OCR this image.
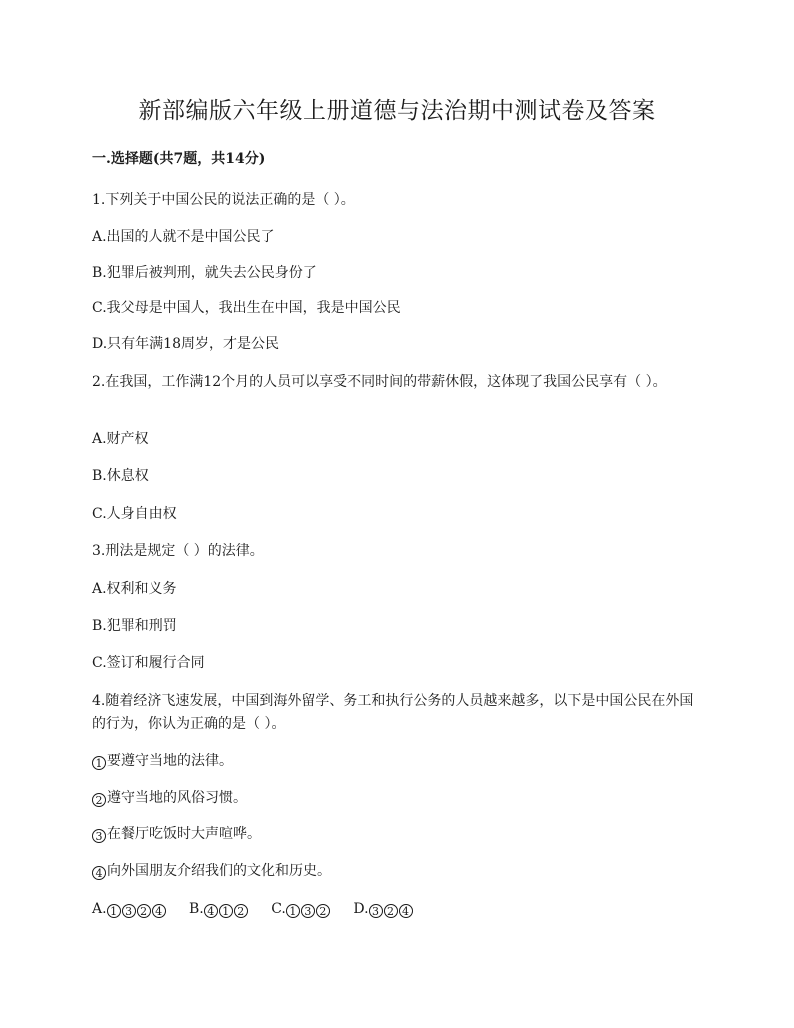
新部编版六年级上册道德与法治期中测试卷及答案

一.选择题(共7题，共14分)

1.下列关于中国公民的说法正确的是（ ）。

A.出国的人就不是中国公民了

B.犯罪后被判刑，就失去公民身份了

C.我父母是中国人，我出生在中国，我是中国公民

D.只有年满18周岁，才是公民

2.在我国，工作满12个月的人员可以享受不同时间的带薪休假，这体现了我国公民享有（ ）。

A.财产权

B.休息权

C.人身自由权

3.刑法是规定（ ）的法律。

A.权利和义务

B.犯罪和刑罚

C.签订和履行合同

4.随着经济飞速发展，中国到海外留学、务工和执行公务的人员越来越多，以下是中国公民在外国的行为，你认为正确的是（ ）。

1 要遵守当地的法律。

2 遵守当地的风俗习惯。

3 在餐厅吃饭时大声喧哗。

4 向外国朋友介绍我们的文化和历史。

A. 1 3 2 4 B. 4 1 2 C. 1 3 2 D. 3 2 4
